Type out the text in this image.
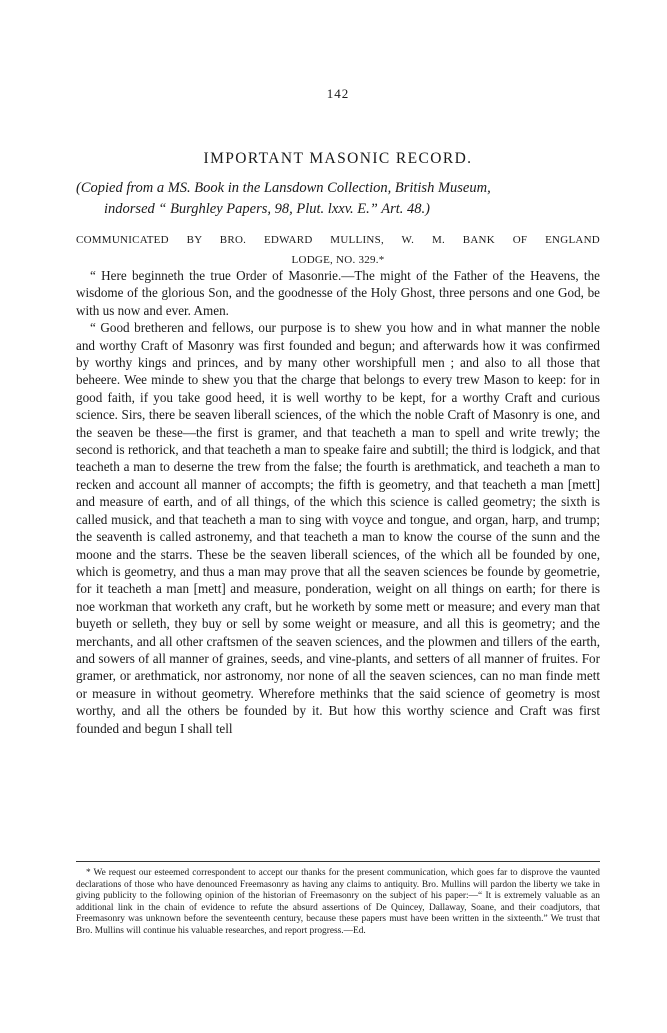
142
IMPORTANT MASONIC RECORD.
(Copied from a MS. Book in the Lansdown Collection, British Museum,
indorsed “ Burghley Papers, 98, Plut. lxxv. E.” Art. 48.)
COMMUNICATED BY BRO. EDWARD MULLINS, W. M. BANK OF ENGLAND
LODGE, NO. 329.*

“ Here beginneth the true Order of Masonrie.—The might of the Father of the Heavens, the wisdome of the glorious Son, and the goodnesse of the Holy Ghost, three persons and one God, be with us now and ever. Amen.

“ Good bretheren and fellows, our purpose is to shew you how and in what manner the noble and worthy Craft of Masonry was first founded and begun; and afterwards how it was confirmed by worthy kings and princes, and by many other worshipfull men ; and also to all those that beheere. Wee minde to shew you that the charge that belongs to every trew Mason to keep: for in good faith, if you take good heed, it is well worthy to be kept, for a worthy Craft and curious science. Sirs, there be seaven liberall sciences, of the which the noble Craft of Masonry is one, and the seaven be these—the first is gramer, and that teacheth a man to spell and write trewly; the second is rethorick, and that teacheth a man to speake faire and subtill; the third is lodgick, and that teacheth a man to deserne the trew from the false; the fourth is arethmatick, and teacheth a man to recken and account all manner of accompts; the fifth is geometry, and that teacheth a man [mett] and measure of earth, and of all things, of the which this science is called geometry; the sixth is called musick, and that teacheth a man to sing with voyce and tongue, and organ, harp, and trump; the seaventh is called astronemy, and that teacheth a man to know the course of the sunn and the moone and the starrs. These be the seaven liberall sciences, of the which all be founded by one, which is geometry, and thus a man may prove that all the seaven sciences be founde by geometrie, for it teacheth a man [mett] and measure, ponderation, weight on all things on earth; for there is noe workman that worketh any craft, but he worketh by some mett or measure; and every man that buyeth or selleth, they buy or sell by some weight or measure, and all this is geometry; and the merchants, and all other craftsmen of the seaven sciences, and the plowmen and tillers of the earth, and sowers of all manner of graines, seeds, and vine-plants, and setters of all manner of fruites. For gramer, or arethmatick, nor astronomy, nor none of all the seaven sciences, can no man finde mett or measure in without geometry. Wherefore methinks that the said science of geometry is most worthy, and all the others be founded by it. But how this worthy science and Craft was first founded and begun I shall tell

* We request our esteemed correspondent to accept our thanks for the present communication, which goes far to disprove the vaunted declarations of those who have denounced Freemasonry as having any claims to antiquity. Bro. Mullins will pardon the liberty we take in giving publicity to the following opinion of the historian of Freemasonry on the subject of his paper:—“ It is extremely valuable as an additional link in the chain of evidence to refute the absurd assertions of De Quincey, Dallaway, Soane, and their coadjutors, that Freemasonry was unknown before the seventeenth century, because these papers must have been written in the sixteenth.” We trust that Bro. Mullins will continue his valuable researches, and report progress.—Ed.
